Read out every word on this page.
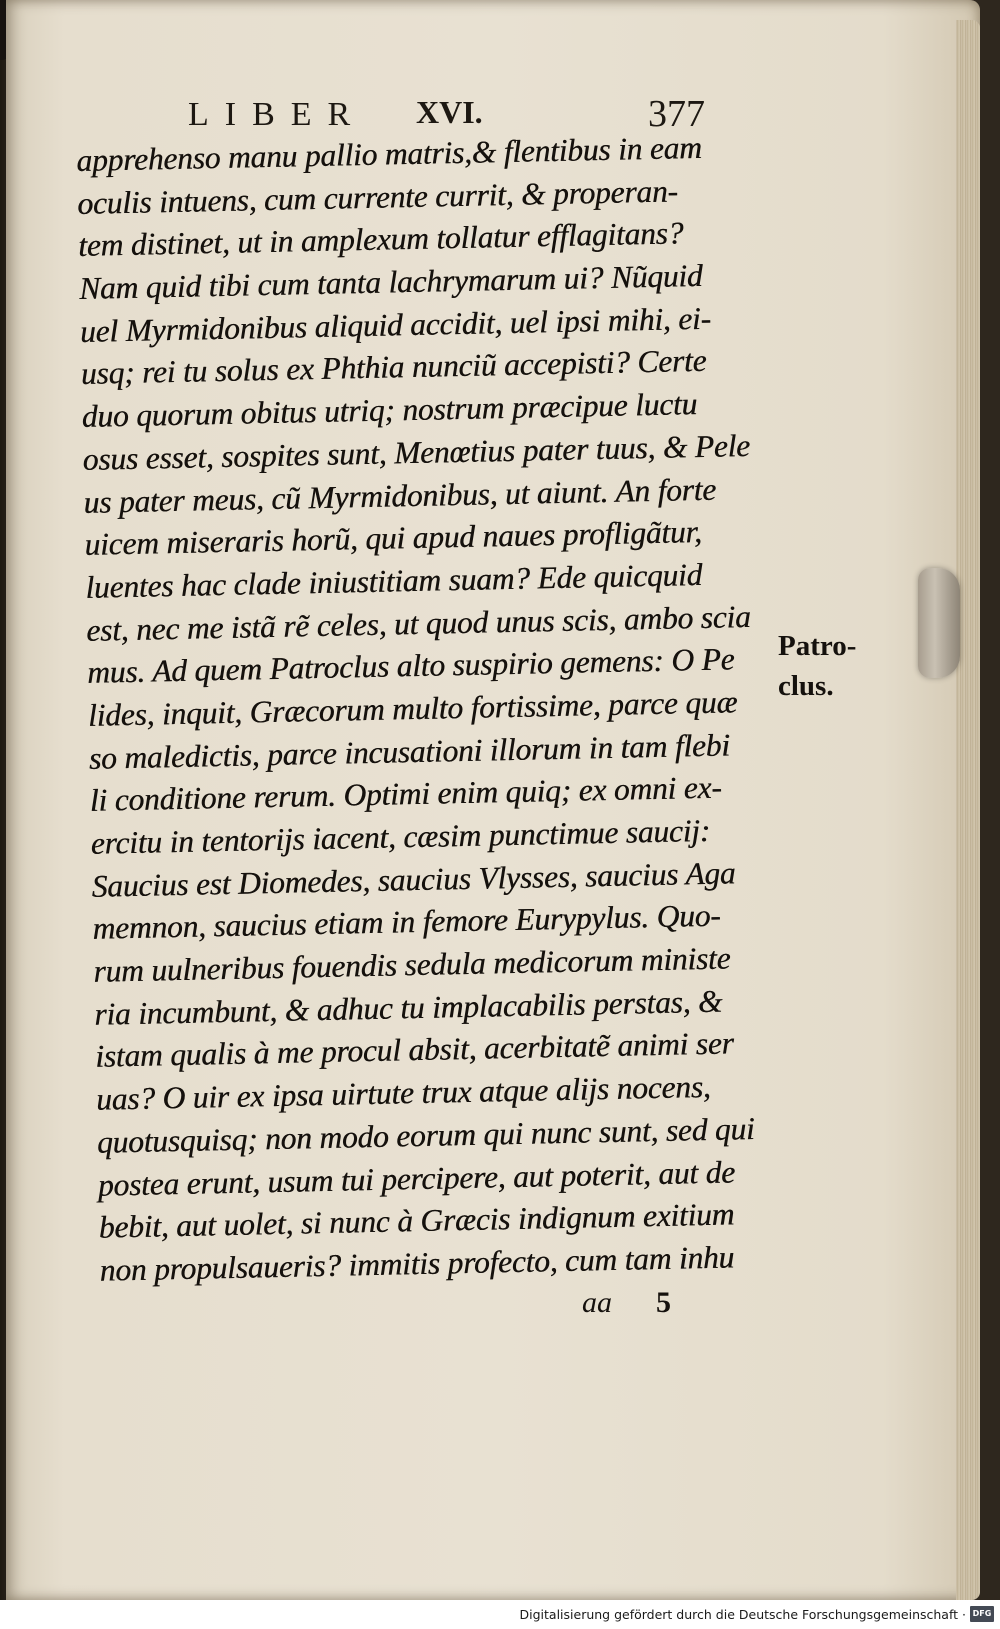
LIBER XVI.	377
apprehenso manu pallio matris,& flentibus in eam
oculis intuens, cum currente currit, & properan-
tem distinet, ut in amplexum tollatur efflagitans?
Nam quid tibi cum tanta lachrymarum ui? Nũquid
uel Myrmidonibus aliquid accidit, uel ipsi mihi, ei-
usq; rei tu solus ex Phthia nunciũ accepisti? Certe
duo quorum obitus utriq; nostrum præcipue luctu
osus esset, sospites sunt, Menœtius pater tuus, & Pele
us pater meus, cũ Myrmidonibus, ut aiunt. An forte
uicem miseraris horũ, qui apud naues profligãtur,
luentes hac clade iniustitiam suam? Ede quicquid
est, nec me istã rẽ celes, ut quod unus scis, ambo scia
mus. Ad quem Patroclus alto suspirio gemens: O Pe
lides, inquit, Græcorum multo fortissime, parce quæ
so maledictis, parce incusationi illorum in tam flebi
li conditione rerum. Optimi enim quiq; ex omni ex-
ercitu in tentorijs iacent, cæsim punctimue saucij:
Saucius est Diomedes, saucius Vlysses, saucius Aga
memnon, saucius etiam in femore Eurypylus. Quo-
rum uulneribus fouendis sedula medicorum ministe
ria incumbunt, & adhuc tu implacabilis perstas, &
istam qualis à me procul absit, acerbitatẽ animi ser
uas? O uir ex ipsa uirtute trux atque alijs nocens,
quotusquisq; non modo eorum qui nunc sunt, sed qui
postea erunt, usum tui percipere, aut poterit, aut de
bebit, aut uolet, si nunc à Græcis indignum exitium
non propulsaueris? immitis profecto, cum tam inhu
Patro-
clus.
aa 5
Digitalisierung gefördert durch die Deutsche Forschungsgemeinschaft · DFG
